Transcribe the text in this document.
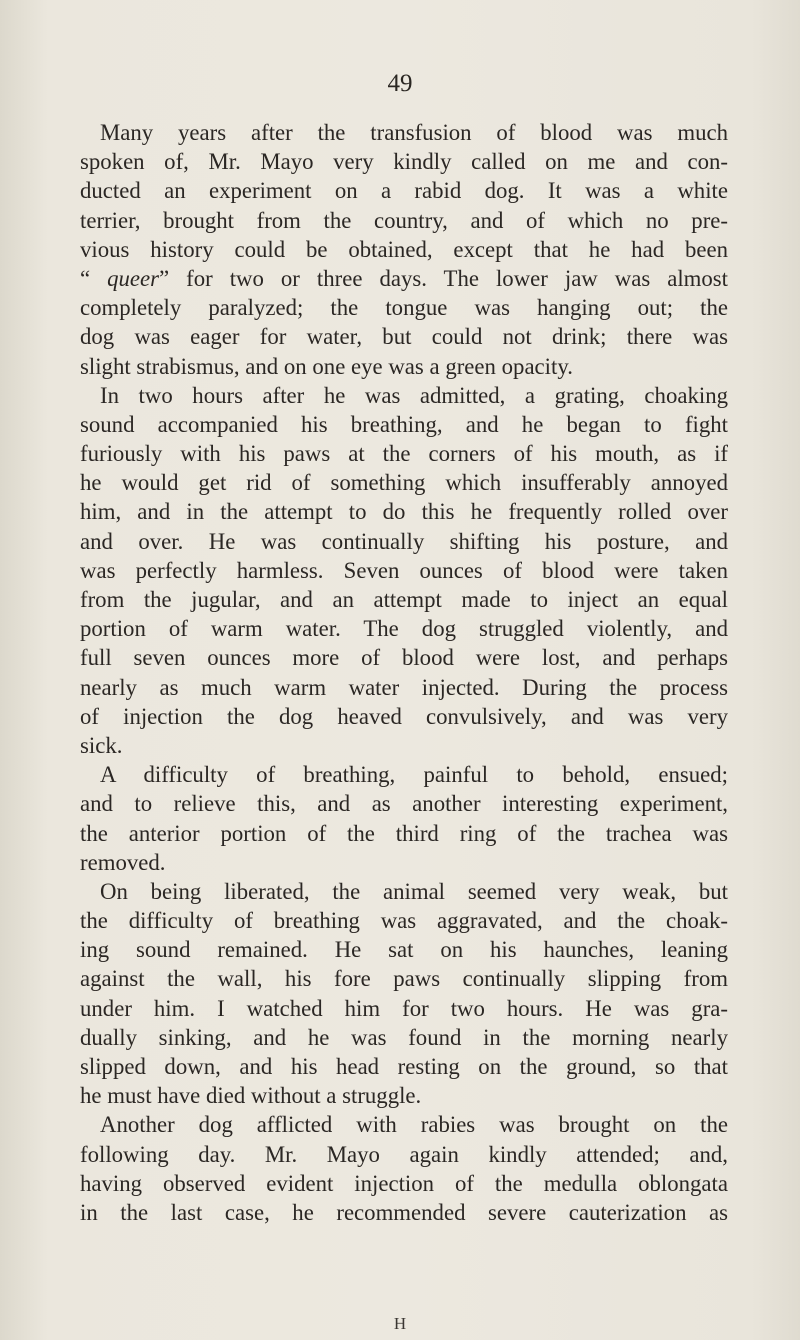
49
Many years after the transfusion of blood was much
spoken of, Mr. Mayo very kindly called on me and con-
ducted an experiment on a rabid dog. It was a white
terrier, brought from the country, and of which no pre-
vious history could be obtained, except that he had been
“ queer” for two or three days. The lower jaw was almost
completely paralyzed; the tongue was hanging out; the
dog was eager for water, but could not drink; there was
slight strabismus, and on one eye was a green opacity.
In two hours after he was admitted, a grating, choaking
sound accompanied his breathing, and he began to fight
furiously with his paws at the corners of his mouth, as if
he would get rid of something which insufferably annoyed
him, and in the attempt to do this he frequently rolled over
and over. He was continually shifting his posture, and
was perfectly harmless. Seven ounces of blood were taken
from the jugular, and an attempt made to inject an equal
portion of warm water. The dog struggled violently, and
full seven ounces more of blood were lost, and perhaps
nearly as much warm water injected. During the process
of injection the dog heaved convulsively, and was very
sick.
A difficulty of breathing, painful to behold, ensued;
and to relieve this, and as another interesting experiment,
the anterior portion of the third ring of the trachea was
removed.
On being liberated, the animal seemed very weak, but
the difficulty of breathing was aggravated, and the choak-
ing sound remained. He sat on his haunches, leaning
against the wall, his fore paws continually slipping from
under him. I watched him for two hours. He was gra-
dually sinking, and he was found in the morning nearly
slipped down, and his head resting on the ground, so that
he must have died without a struggle.
Another dog afflicted with rabies was brought on the
following day. Mr. Mayo again kindly attended; and,
having observed evident injection of the medulla oblongata
in the last case, he recommended severe cauterization as
H
